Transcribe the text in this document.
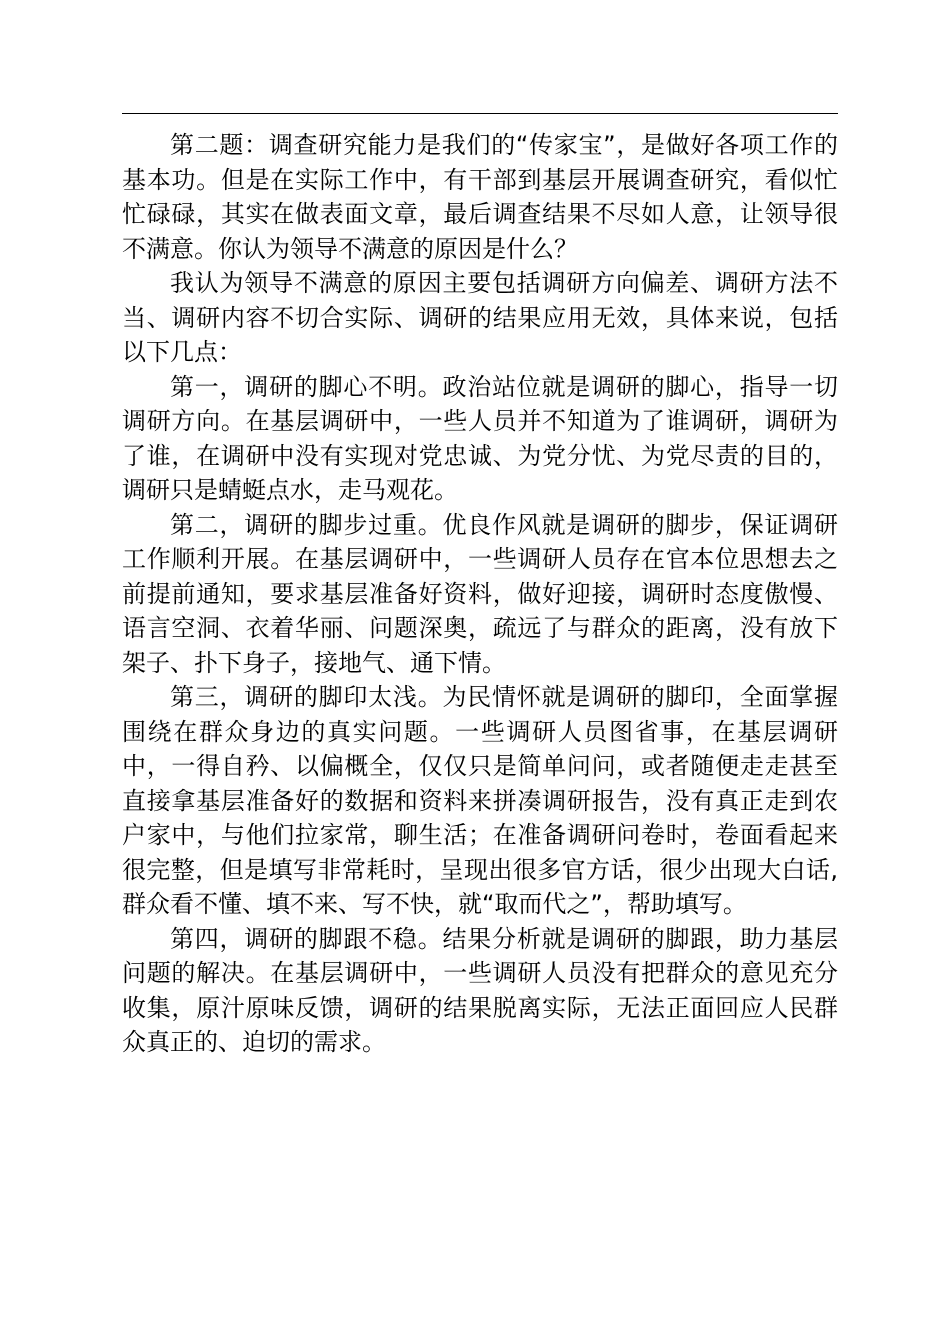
第二题：调查研究能力是我们的“传家宝”，是做好各项工作的基本功。但是在实际工作中，有干部到基层开展调查研究，看似忙忙碌碌，其实在做表面文章，最后调查结果不尽如人意，让领导很不满意。你认为领导不满意的原因是什么？

我认为领导不满意的原因主要包括调研方向偏差、调研方法不当、调研内容不切合实际、调研的结果应用无效，具体来说，包括以下几点：

第一，调研的脚心不明。政治站位就是调研的脚心，指导一切调研方向。在基层调研中，一些人员并不知道为了谁调研，调研为了谁，在调研中没有实现对党忠诚、为党分忧、为党尽责的目的，调研只是蜻蜓点水，走马观花。

第二，调研的脚步过重。优良作风就是调研的脚步，保证调研工作顺利开展。在基层调研中，一些调研人员存在官本位思想去之前提前通知，要求基层准备好资料，做好迎接，调研时态度傲慢、语言空洞、衣着华丽、问题深奥，疏远了与群众的距离，没有放下架子、扑下身子，接地气、通下情。

第三，调研的脚印太浅。为民情怀就是调研的脚印，全面掌握围绕在群众身边的真实问题。一些调研人员图省事，在基层调研中，一得自矜、以偏概全，仅仅只是简单问问，或者随便走走甚至直接拿基层准备好的数据和资料来拼凑调研报告，没有真正走到农户家中，与他们拉家常，聊生活；在准备调研问卷时，卷面看起来很完整，但是填写非常耗时，呈现出很多官方话，很少出现大白话,群众看不懂、填不来、写不快，就“取而代之”，帮助填写。

第四，调研的脚跟不稳。结果分析就是调研的脚跟，助力基层问题的解决。在基层调研中，一些调研人员没有把群众的意见充分收集，原汁原味反馈，调研的结果脱离实际，无法正面回应人民群众真正的、迫切的需求。
